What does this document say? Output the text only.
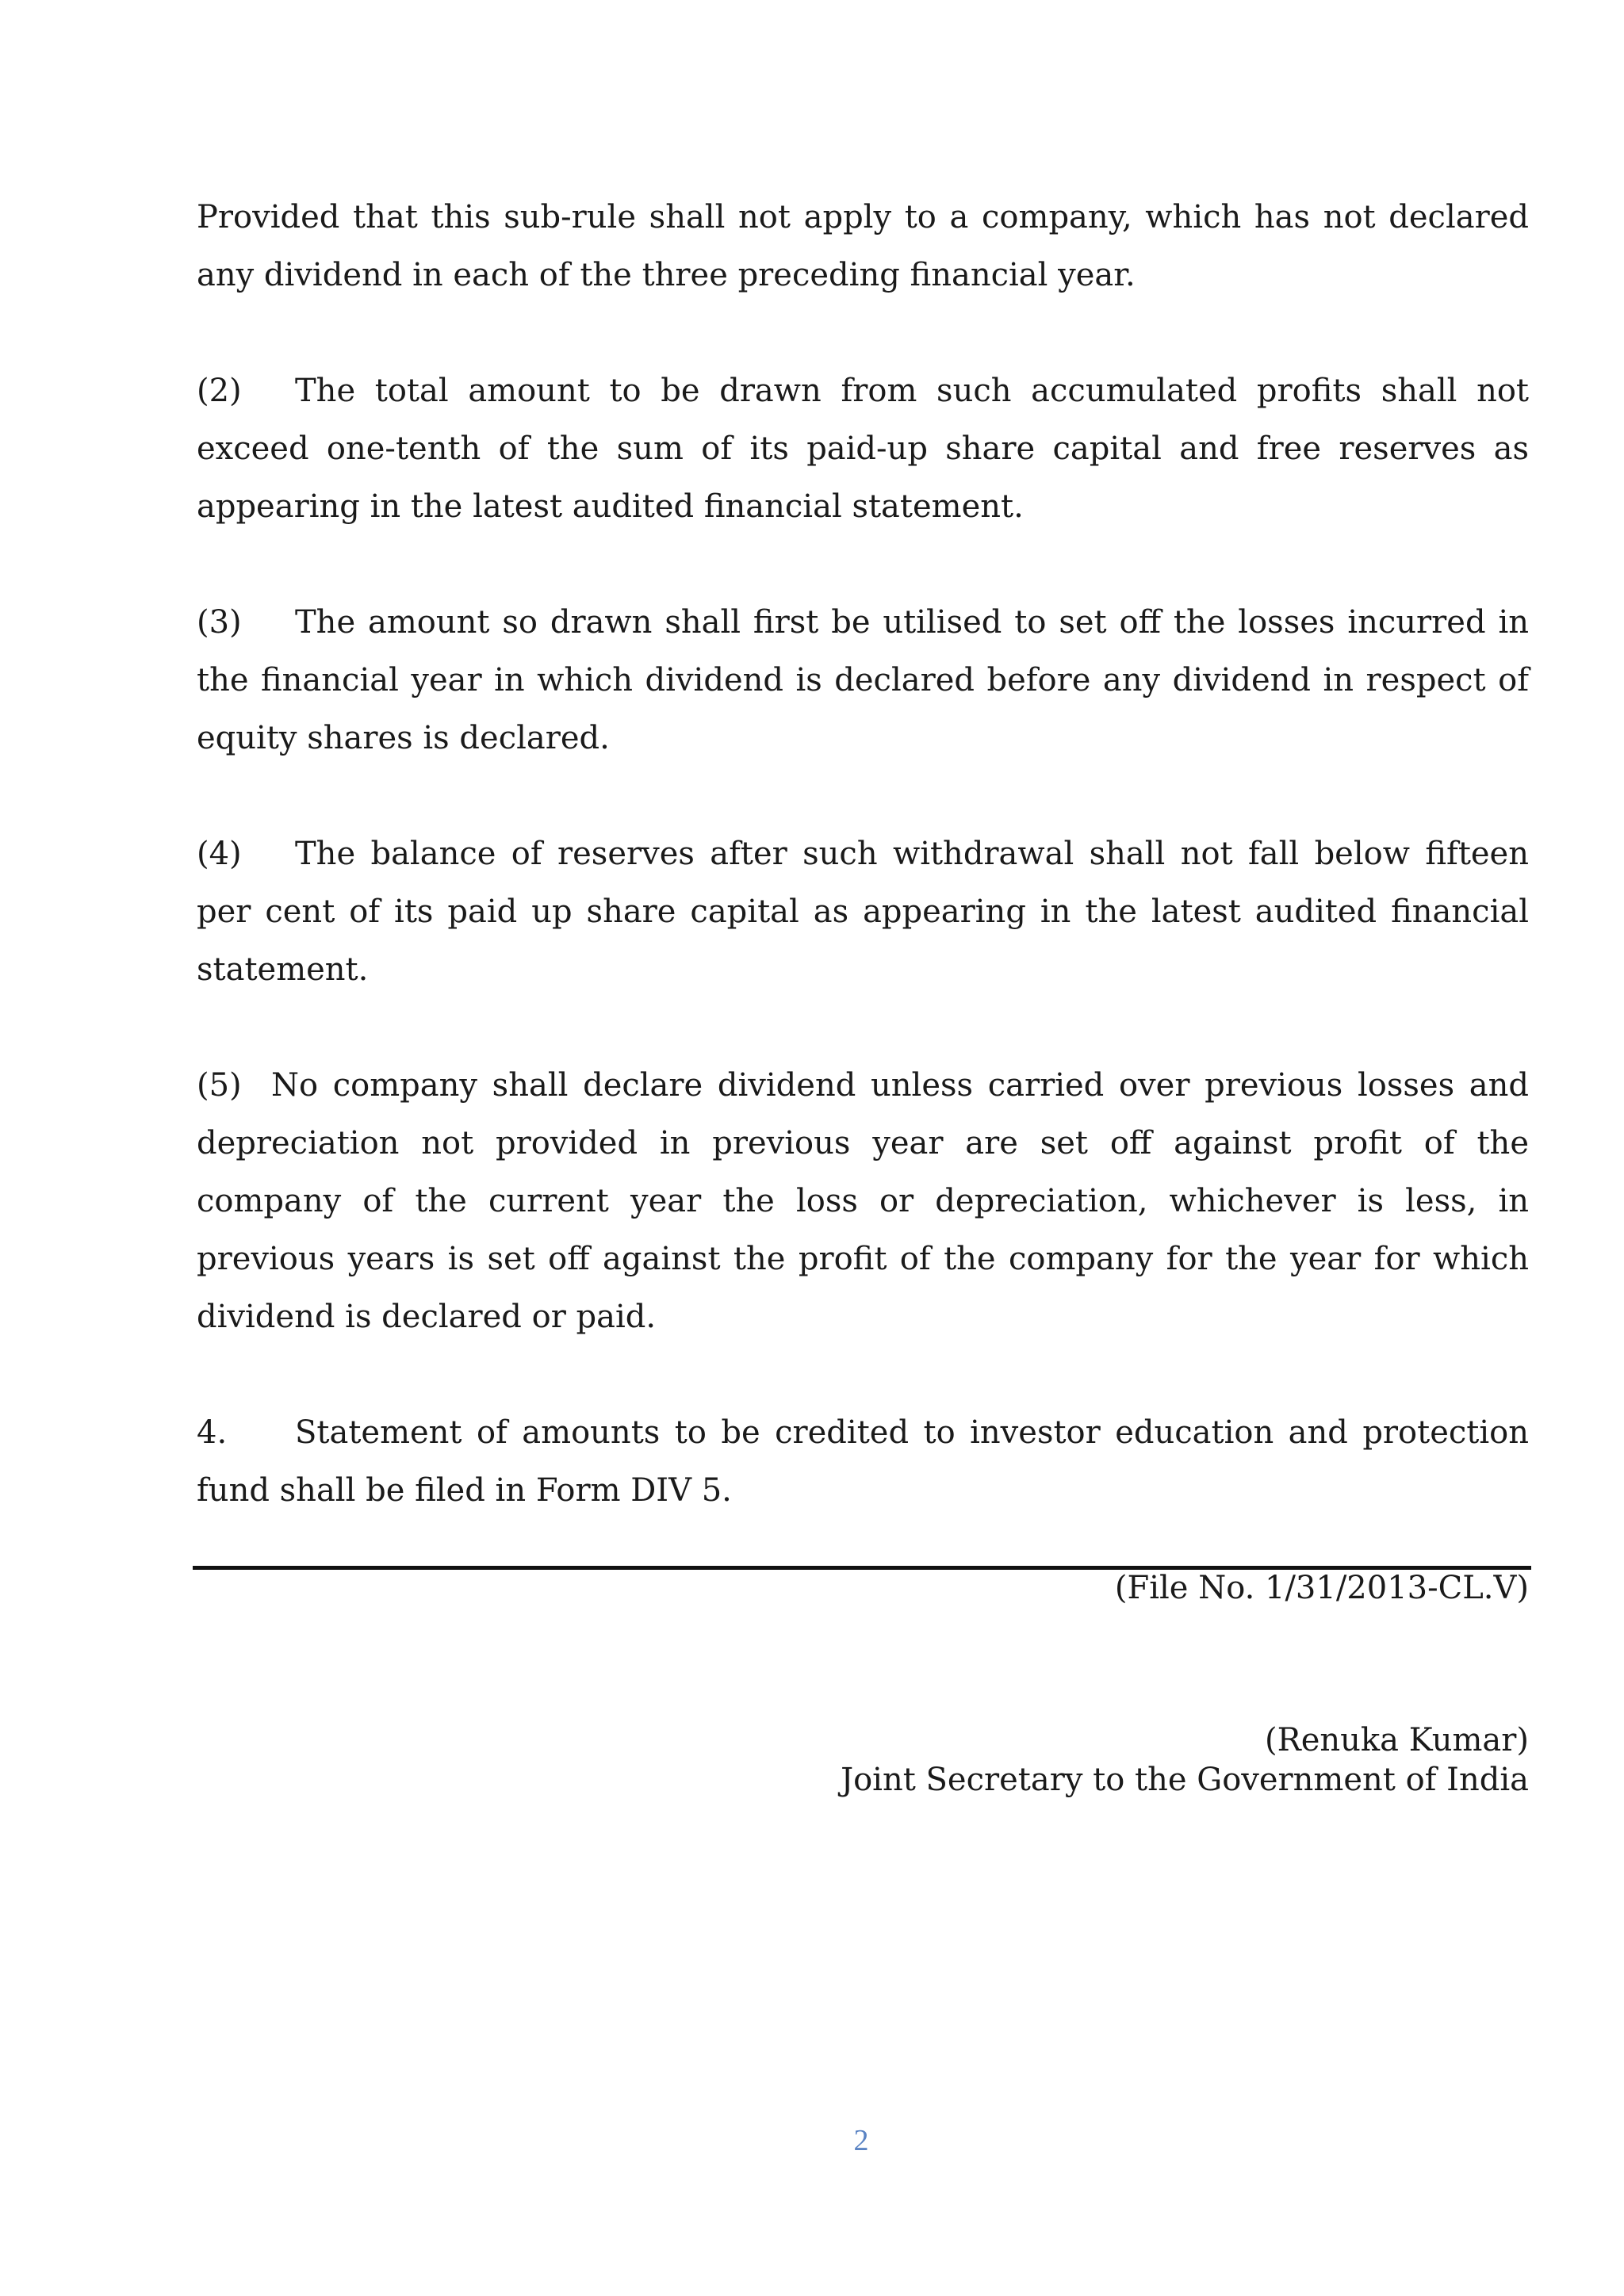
Provided that this sub-rule shall not apply to a company, which has not declared any dividend in each of the three preceding financial year.

(2) The total amount to be drawn from such accumulated profits shall not exceed one-tenth of the sum of its paid-up share capital and free reserves as appearing in the latest audited financial statement.

(3) The amount so drawn shall first be utilised to set off the losses incurred in the financial year in which dividend is declared before any dividend in respect of equity shares is declared.

(4) The balance of reserves after such withdrawal shall not fall below fifteen per cent of its paid up share capital as appearing in the latest audited financial statement.

(5) No company shall declare dividend unless carried over previous losses and depreciation not provided in previous year are set off against profit of the company of the current year the loss or depreciation, whichever is less, in previous years is set off against the profit of the company for the year for which dividend is declared or paid.

4. Statement of amounts to be credited to investor education and protection fund shall be filed in Form DIV 5.

(File No. 1/31/2013-CL.V)
(Renuka Kumar)
Joint Secretary to the Government of India
2
